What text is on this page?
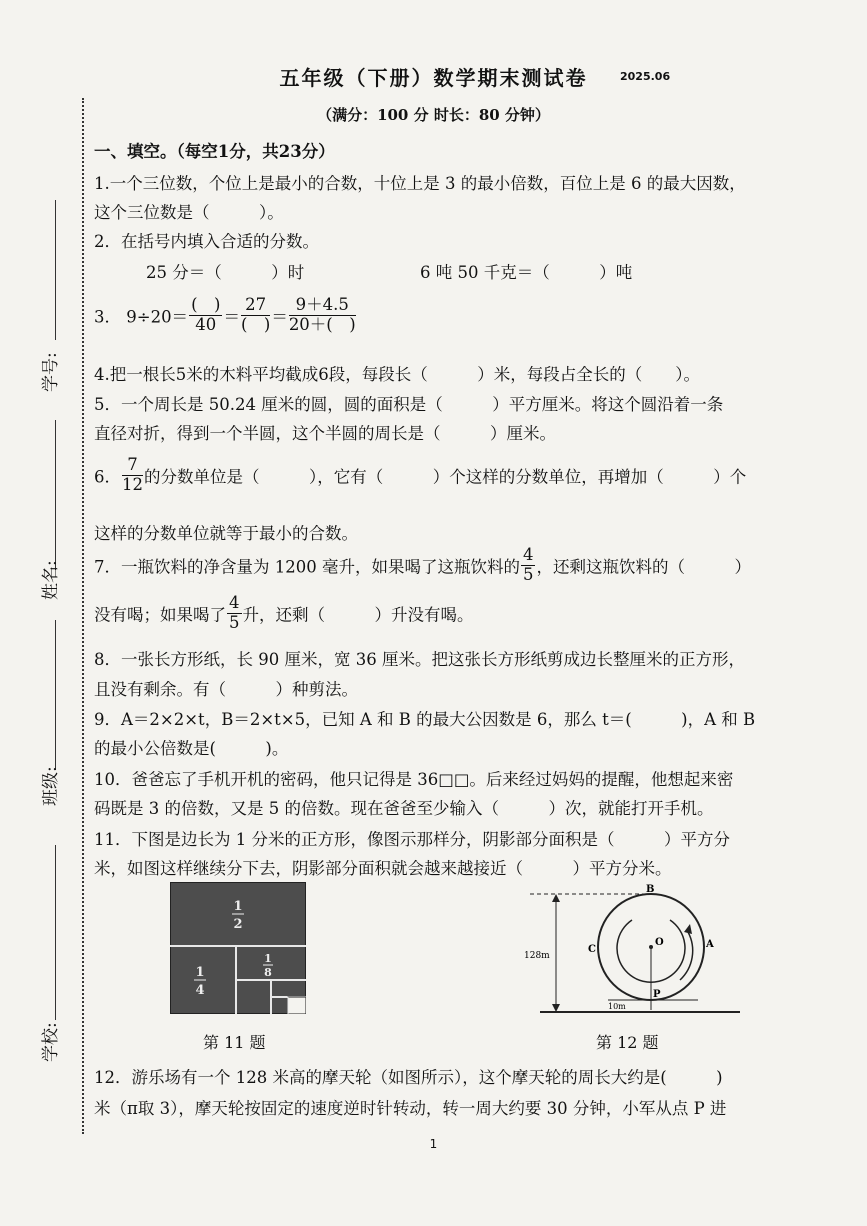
五年级（下册）数学期末测试卷	2025.06
（满分：100 分 时长：80 分钟）
学号:
姓名:
班级:
学校:
一、填空。（每空1分，共23分）
1.一个三位数，个位上是最小的合数，十位上是 3 的最小倍数，百位上是 6 的最大因数，
这个三位数是（　　　）。
2．在括号内填入合适的分数。
25 分＝（　　　）时	6 吨 50 千克＝（　　　）吨
3． $9\div 20= \frac{( )}{40} = \frac{27}{( )} = \frac{9+4.5}{20+( )}$
4.把一根长5米的木料平均截成6段，每段长（　　　）米，每段占全长的（　　）。
5．一个周长是 50.24 厘米的圆，圆的面积是（　　　）平方厘米。将这个圆沿着一条
直径对折，得到一个半圆，这个半圆的周长是（　　　）厘米。
6． $\frac{7}{12}$ 的分数单位是（　　　），它有（　　　）个这样的分数单位，再增加（　　　）个
这样的分数单位就等于最小的合数。
7．一瓶饮料的净含量为 1200 毫升，如果喝了这瓶饮料的 $\frac{4}{5}$ ，还剩这瓶饮料的（　　　）
没有喝；如果喝了 $\frac{4}{5}$ 升，还剩（　　　）升没有喝。
8．一张长方形纸，长 90 厘米，宽 36 厘米。把这张长方形纸剪成边长整厘米的正方形，
且没有剩余。有（　　　）种剪法。
9．A＝2×2×t，B＝2×t×5，已知 A 和 B 的最大公因数是 6，那么 t＝(　　　)，A 和 B
的最小公倍数是(　　　)。
10．爸爸忘了手机开机的密码，他只记得是 36□□。后来经过妈妈的提醒，他想起来密
码既是 3 的倍数，又是 5 的倍数。现在爸爸至少输入（　　　）次，就能打开手机。
11．下图是边长为 1 分米的正方形，像图示那样分，阴影部分面积是（　　　）平方分
米，如图这样继续分下去，阴影部分面积就会越来越接近（　　　）平方分米。
1
2
1
4
1
8
第 11 题
128m
10m
B
C
O	A
P
第 12 题
12．游乐场有一个 128 米高的摩天轮（如图所示），这个摩天轮的周长大约是(　　　)
米（π取 3），摩天轮按固定的速度逆时针转动，转一周大约要 30 分钟，小军从点 P 进
1
